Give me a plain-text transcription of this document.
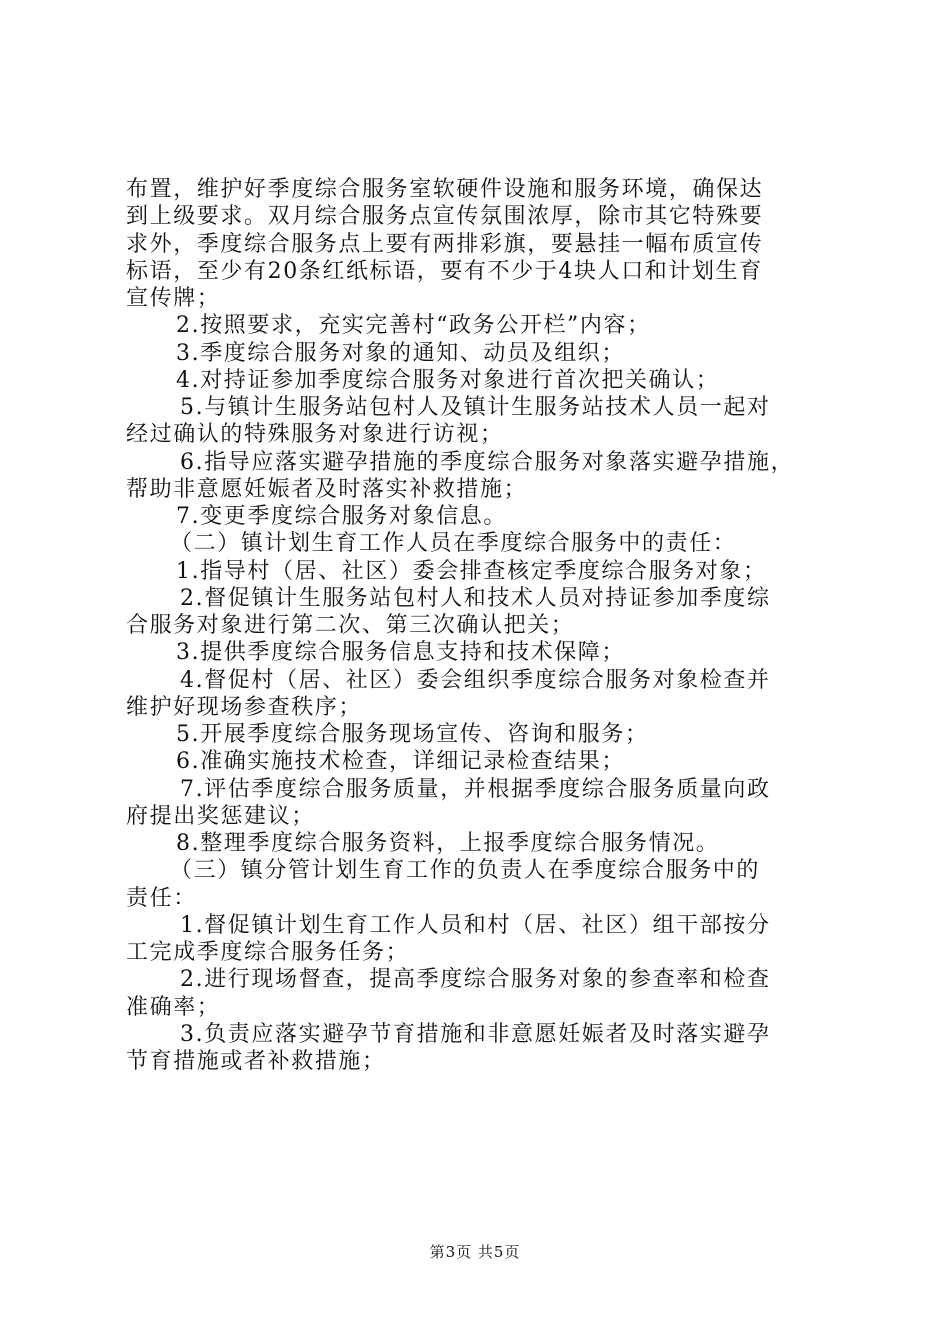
布置，维护好季度综合服务室软硬件设施和服务环境，确保达
到上级要求。双月综合服务点宣传氛围浓厚，除市其它特殊要
求外，季度综合服务点上要有两排彩旗，要悬挂一幅布质宣传
标语，至少有20条红纸标语，要有不少于4块人口和计划生育
宣传牌；
2.按照要求，充实完善村“政务公开栏”内容；
3.季度综合服务对象的通知、动员及组织；
4.对持证参加季度综合服务对象进行首次把关确认；
5.与镇计生服务站包村人及镇计生服务站技术人员一起对
经过确认的特殊服务对象进行访视；
6.指导应落实避孕措施的季度综合服务对象落实避孕措施，
帮助非意愿妊娠者及时落实补救措施；
7.变更季度综合服务对象信息。
（二）镇计划生育工作人员在季度综合服务中的责任：
1.指导村（居、社区）委会排查核定季度综合服务对象；
2.督促镇计生服务站包村人和技术人员对持证参加季度综
合服务对象进行第二次、第三次确认把关；
3.提供季度综合服务信息支持和技术保障；
4.督促村（居、社区）委会组织季度综合服务对象检查并
维护好现场参查秩序；
5.开展季度综合服务现场宣传、咨询和服务；
6.准确实施技术检查，详细记录检查结果；
7.评估季度综合服务质量，并根据季度综合服务质量向政
府提出奖惩建议；
8.整理季度综合服务资料，上报季度综合服务情况。
（三）镇分管计划生育工作的负责人在季度综合服务中的
责任：
1.督促镇计划生育工作人员和村（居、社区）组干部按分
工完成季度综合服务任务；
2.进行现场督查，提高季度综合服务对象的参查率和检查
准确率；
3.负责应落实避孕节育措施和非意愿妊娠者及时落实避孕
节育措施或者补救措施；
第3页 共5页
